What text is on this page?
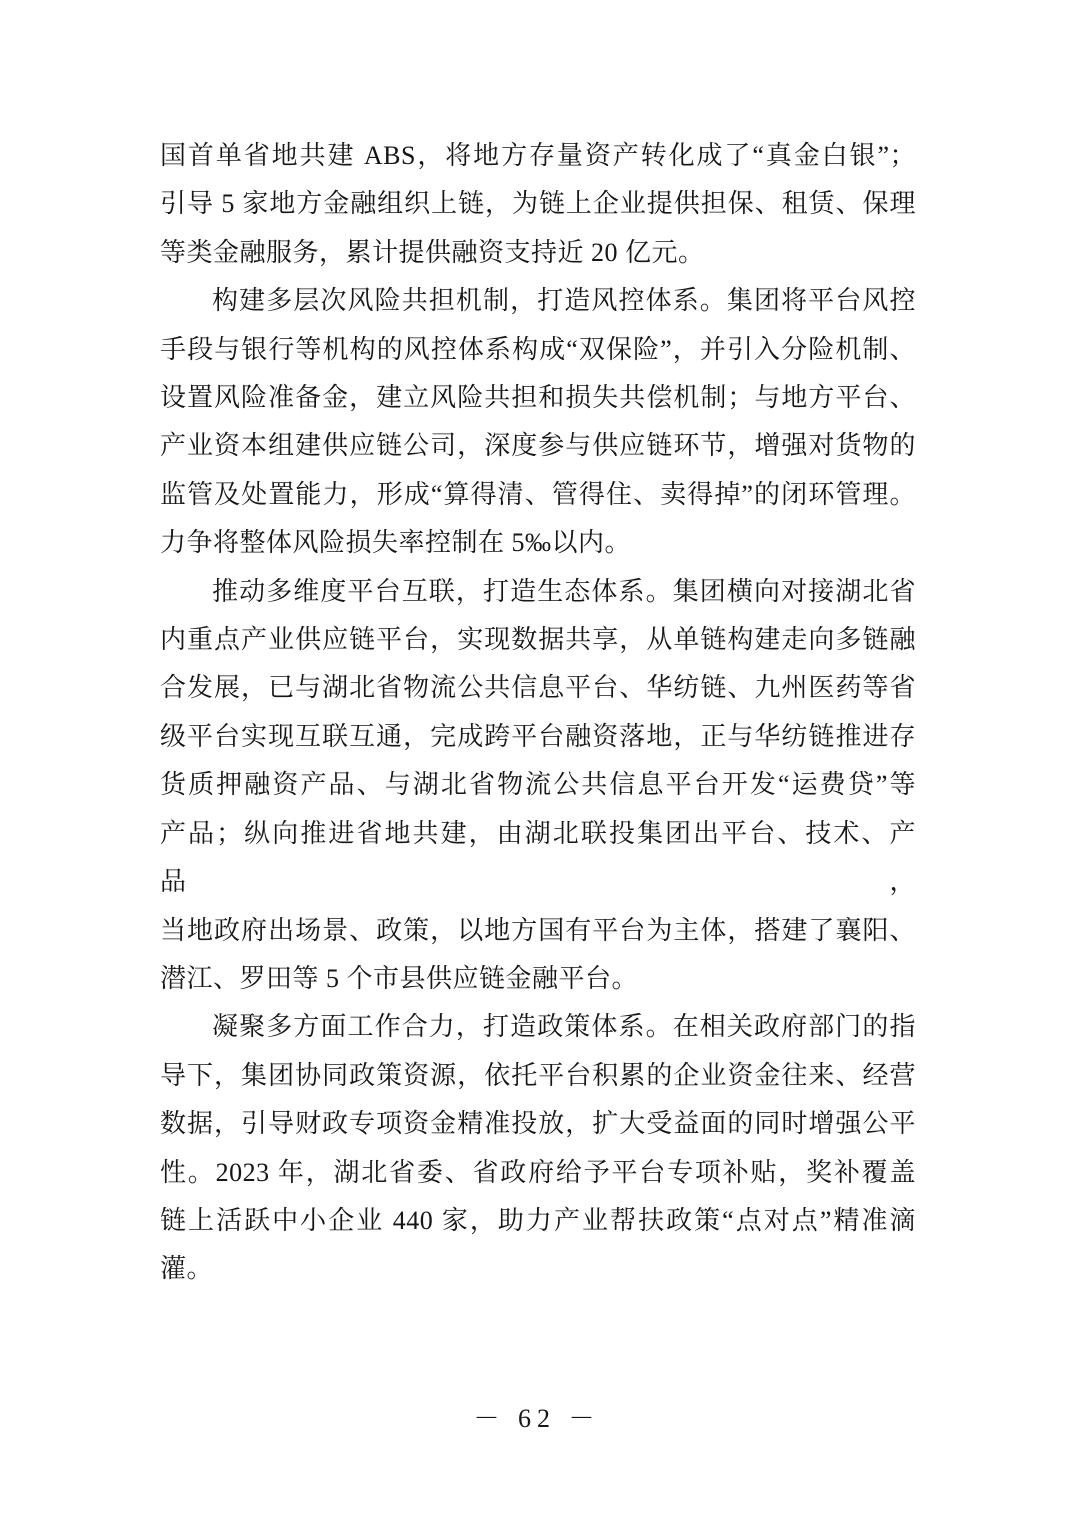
国首单省地共建 ABS，将地方存量资产转化成了“真金白银”；
引导 5 家地方金融组织上链，为链上企业提供担保、租赁、保理
等类金融服务，累计提供融资支持近 20 亿元。
构建多层次风险共担机制，打造风控体系。集团将平台风控
手段与银行等机构的风控体系构成“双保险”，并引入分险机制、
设置风险准备金，建立风险共担和损失共偿机制；与地方平台、
产业资本组建供应链公司，深度参与供应链环节，增强对货物的
监管及处置能力，形成“算得清、管得住、卖得掉”的闭环管理。
力争将整体风险损失率控制在 5‰以内。
推动多维度平台互联，打造生态体系。集团横向对接湖北省
内重点产业供应链平台，实现数据共享，从单链构建走向多链融
合发展，已与湖北省物流公共信息平台、华纺链、九州医药等省
级平台实现互联互通，完成跨平台融资落地，正与华纺链推进存
货质押融资产品、与湖北省物流公共信息平台开发“运费贷”等
产品；纵向推进省地共建，由湖北联投集团出平台、技术、产品，
当地政府出场景、政策，以地方国有平台为主体，搭建了襄阳、
潜江、罗田等 5 个市县供应链金融平台。
凝聚多方面工作合力，打造政策体系。在相关政府部门的指
导下，集团协同政策资源，依托平台积累的企业资金往来、经营
数据，引导财政专项资金精准投放，扩大受益面的同时增强公平
性。2023 年，湖北省委、省政府给予平台专项补贴，奖补覆盖
链上活跃中小企业 440 家，助力产业帮扶政策“点对点”精准滴
灌。
－ 62 －
